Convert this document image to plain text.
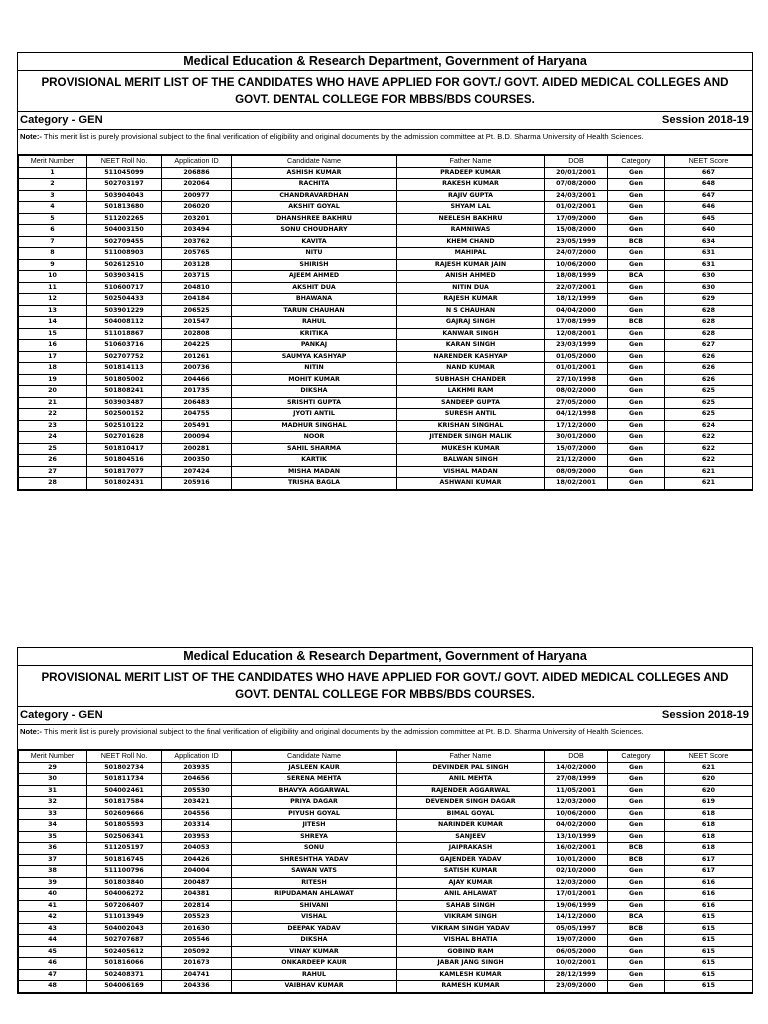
Medical Education & Research Department, Government of Haryana
PROVISIONAL MERIT LIST OF THE CANDIDATES WHO HAVE APPLIED FOR GOVT./ GOVT. AIDED MEDICAL COLLEGES AND
GOVT. DENTAL COLLEGE FOR MBBS/BDS COURSES.
Category - GEN	Session 2018-19
Note:- This merit list is purely provisional subject to the final verification of eligibility and original documents by the admission committee at Pt. B.D. Sharma University of Health Sciences.
Merit Number	NEET Roll No.	Application ID	Candidate Name	Father Name	DOB	Category	NEET Score
1	511045099	206886	ASHISH KUMAR	PRADEEP KUMAR	20/01/2001	Gen	667
2	502703197	202064	RACHITA	RAKESH KUMAR	07/08/2000	Gen	648
3	503904043	200977	CHANDRAVARDHAN	RAJIV GUPTA	24/03/2001	Gen	647
4	501813680	206020	AKSHIT GOYAL	SHYAM LAL	01/02/2001	Gen	646
5	511202265	203201	DHANSHREE BAKHRU	NEELESH BAKHRU	17/09/2000	Gen	645
6	504003150	203494	SONU CHOUDHARY	RAMNIWAS	15/08/2000	Gen	640
7	502709455	203762	KAVITA	KHEM CHAND	23/05/1999	BCB	634
8	511008903	205765	NITU	MAHIPAL	24/07/2000	Gen	631
9	502612510	203128	SHIRISH	RAJESH KUMAR JAIN	10/06/2000	Gen	631
10	503903415	203715	AJEEM AHMED	ANISH AHMED	18/08/1999	BCA	630
11	510600717	204810	AKSHIT DUA	NITIN DUA	22/07/2001	Gen	630
12	502504433	204184	BHAWANA	RAJESH KUMAR	18/12/1999	Gen	629
13	503901229	206525	TARUN CHAUHAN	N S CHAUHAN	04/04/2000	Gen	628
14	504008112	201547	RAHUL	GAJRAJ SINGH	17/08/1999	BCB	628
15	511018867	202808	KRITIKA	KANWAR SINGH	12/08/2001	Gen	628
16	510603716	204225	PANKAJ	KARAN SINGH	23/03/1999	Gen	627
17	502707752	201261	SAUMYA KASHYAP	NARENDER KASHYAP	01/05/2000	Gen	626
18	501814113	200736	NITIN	NAND KUMAR	01/01/2001	Gen	626
19	501805002	204466	MOHIT KUMAR	SUBHASH CHANDER	27/10/1998	Gen	626
20	501808241	201735	DIKSHA	LAKHMI RAM	08/02/2000	Gen	625
21	503903487	206483	SRISHTI GUPTA	SANDEEP GUPTA	27/05/2000	Gen	625
22	502500152	204755	JYOTI ANTIL	SURESH ANTIL	04/12/1998	Gen	625
23	502510122	205491	MADHUR SINGHAL	KRISHAN SINGHAL	17/12/2000	Gen	624
24	502701628	200094	NOOR	JITENDER SINGH MALIK	30/01/2000	Gen	622
25	501810417	200281	SAHIL SHARMA	MUKESH KUMAR	15/07/2000	Gen	622
26	501804516	200350	KARTIK	BALWAN SINGH	21/12/2000	Gen	622
27	501817077	207424	MISHA MADAN	VISHAL MADAN	08/09/2000	Gen	621
28	501802431	205916	TRISHA BAGLA	ASHWANI KUMAR	18/02/2001	Gen	621
Medical Education & Research Department, Government of Haryana
PROVISIONAL MERIT LIST OF THE CANDIDATES WHO HAVE APPLIED FOR GOVT./ GOVT. AIDED MEDICAL COLLEGES AND
GOVT. DENTAL COLLEGE FOR MBBS/BDS COURSES.
Category - GEN	Session 2018-19
Note:- This merit list is purely provisional subject to the final verification of eligibility and original documents by the admission committee at Pt. B.D. Sharma University of Health Sciences.
Merit Number	NEET Roll No.	Application ID	Candidate Name	Father Name	DOB	Category	NEET Score
29	501802734	203935	JASLEEN KAUR	DEVINDER PAL SINGH	14/02/2000	Gen	621
30	501811734	204656	SERENA MEHTA	ANIL MEHTA	27/08/1999	Gen	620
31	504002461	205530	BHAVYA AGGARWAL	RAJENDER AGGARWAL	11/05/2001	Gen	620
32	501817584	203421	PRIYA DAGAR	DEVENDER SINGH DAGAR	12/03/2000	Gen	619
33	502609666	204556	PIYUSH GOYAL	BIMAL GOYAL	10/06/2000	Gen	618
34	501805593	203314	JITESH	NARINDER KUMAR	04/02/2000	Gen	618
35	502506341	203953	SHREYA	SANJEEV	13/10/1999	Gen	618
36	511205197	204053	SONU	JAIPRAKASH	16/02/2001	BCB	618
37	501816745	204426	SHRESHTHA YADAV	GAJENDER YADAV	10/01/2000	BCB	617
38	511100796	204004	SAWAN VATS	SATISH KUMAR	02/10/2000	Gen	617
39	501803840	200487	RITESH	AJAY KUMAR	12/03/2000	Gen	616
40	504006272	204381	RIPUDAMAN AHLAWAT	ANIL AHLAWAT	17/01/2001	Gen	616
41	507206407	202814	SHIVANI	SAHAB SINGH	19/06/1999	Gen	616
42	511013949	205523	VISHAL	VIKRAM SINGH	14/12/2000	BCA	615
43	504002043	201630	DEEPAK YADAV	VIKRAM SINGH YADAV	05/05/1997	BCB	615
44	502707687	205546	DIKSHA	VISHAL BHATIA	19/07/2000	Gen	615
45	502405612	205092	VINAY KUMAR	GOBIND RAM	06/05/2000	Gen	615
46	501816066	201673	ONKARDEEP KAUR	JABAR JANG SINGH	10/02/2001	Gen	615
47	502408371	204741	RAHUL	KAMLESH KUMAR	28/12/1999	Gen	615
48	504006169	204336	VAIBHAV KUMAR	RAMESH KUMAR	23/09/2000	Gen	615
